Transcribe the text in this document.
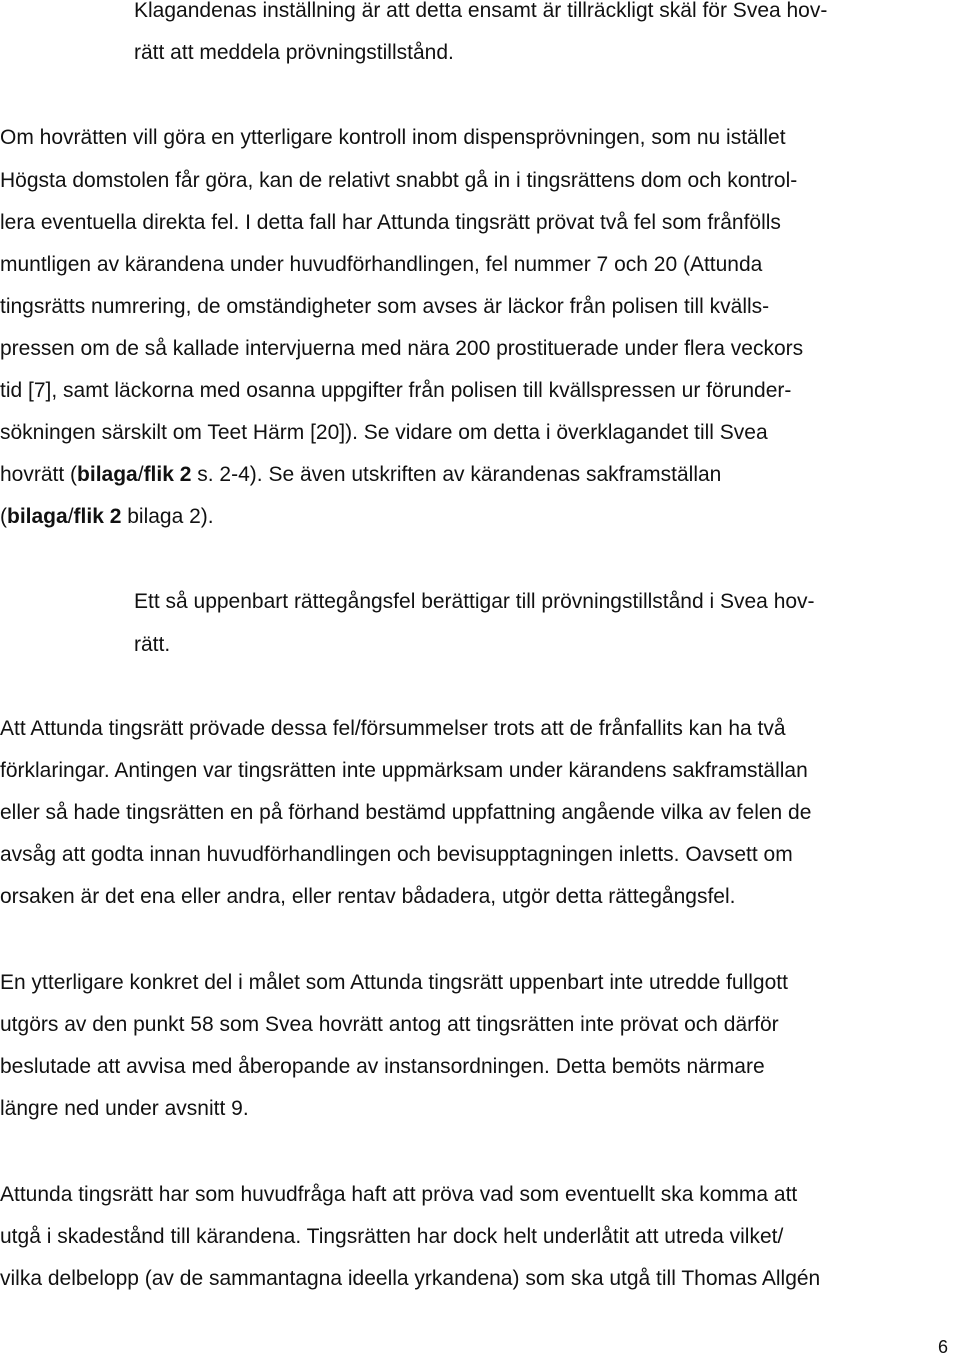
Klagandenas inställning är att detta ensamt är tillräckligt skäl för Svea hov-

rätt att meddela prövningstillstånd.

Om hovrätten vill göra en ytterligare kontroll inom dispensprövningen, som nu istället

Högsta domstolen får göra, kan de relativt snabbt gå in i tingsrättens dom och kontrol-

lera eventuella direkta fel. I detta fall har Attunda tingsrätt prövat två fel som frånfölls

muntligen av kärandena under huvudförhandlingen, fel nummer 7 och 20 (Attunda

tingsrätts numrering, de omständigheter som avses är läckor från polisen till kvälls-

pressen om de så kallade intervjuerna med nära 200 prostituerade under flera veckors

tid [7], samt läckorna med osanna uppgifter från polisen till kvällspressen ur förunder-

sökningen särskilt om Teet Härm [20]). Se vidare om detta i överklagandet till Svea

hovrätt (bilaga/flik 2 s. 2-4). Se även utskriften av kärandenas sakframställan

(bilaga/flik 2 bilaga 2).

Ett så uppenbart rättegångsfel berättigar till prövningstillstånd i Svea hov-

rätt.

Att Attunda tingsrätt prövade dessa fel/försummelser trots att de frånfallits kan ha två

förklaringar. Antingen var tingsrätten inte uppmärksam under kärandens sakframställan

eller så hade tingsrätten en på förhand bestämd uppfattning angående vilka av felen de

avsåg att godta innan huvudförhandlingen och bevisupptagningen inletts. Oavsett om

orsaken är det ena eller andra, eller rentav bådadera, utgör detta rättegångsfel.

En ytterligare konkret del i målet som Attunda tingsrätt uppenbart inte utredde fullgott

utgörs av den punkt 58 som Svea hovrätt antog att tingsrätten inte prövat och därför

beslutade att avvisa med åberopande av instansordningen. Detta bemöts närmare

längre ned under avsnitt 9.

Attunda tingsrätt har som huvudfråga haft att pröva vad som eventuellt ska komma att

utgå i skadestånd till kärandena. Tingsrätten har dock helt underlåtit att utreda vilket/

vilka delbelopp (av de sammantagna ideella yrkandena) som ska utgå till Thomas Allgén

6
